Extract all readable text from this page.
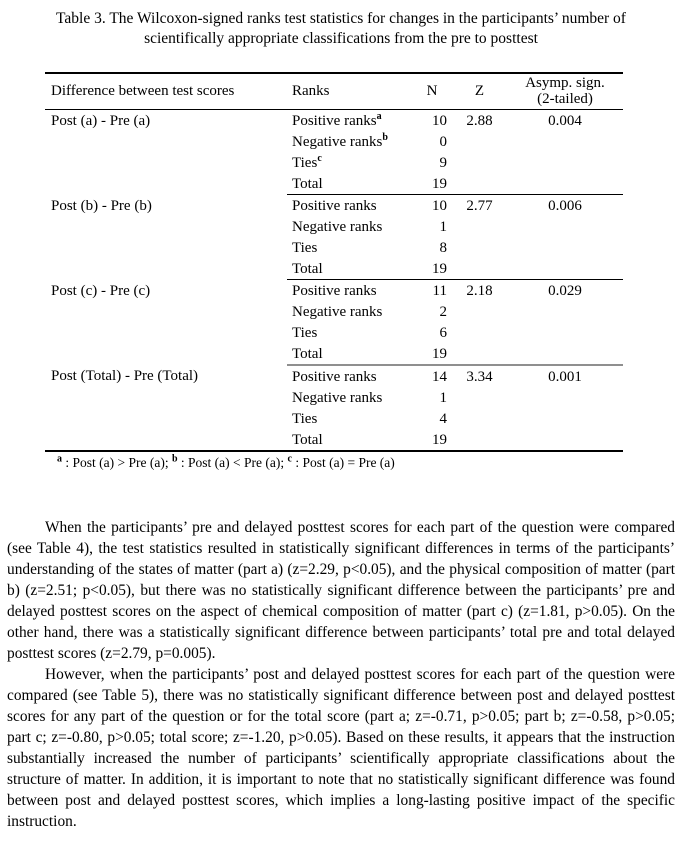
Table 3. The Wilcoxon-signed ranks test statistics for changes in the participants’ number of
scientifically appropriate classifications from the pre to posttest
Difference between test scores	Ranks	N	Z	Asymp. sign.
(2-tailed)

Post (a) - Pre (a)	Positive ranks$^a$	10	2.88	0.004
	Negative ranks$^b$	0		
	Ties$^c$	9		
	Total	19		
Post (b) - Pre (b)	Positive ranks	10	2.77	0.006
	Negative ranks	1		
	Ties	8		
	Total	19		
Post (c) - Pre (c)	Positive ranks	11	2.18	0.029
	Negative ranks	2		
	Ties	6		
	Total	19		
Post (Total) - Pre (Total)	Positive ranks	14	3.34	0.001
	Negative ranks	1		
	Ties	4		
	Total	19		
$^a$ : Post (a) > Pre (a); $^b$ : Post (a) < Pre (a); $^c$ : Post (a) = Pre (a)

When the participants’ pre and delayed posttest scores for each part of the question were compared (see Table 4), the test statistics resulted in statistically significant differences in terms of the participants’ understanding of the states of matter (part a) (z=2.29, p<0.05), and the physical composition of matter (part b) (z=2.51; p<0.05), but there was no statistically significant difference between the participants’ pre and delayed posttest scores on the aspect of chemical composition of matter (part c) (z=1.81, p>0.05). On the other hand, there was a statistically significant difference between participants’ total pre and total delayed posttest scores (z=2.79, p=0.005).

However, when the participants’ post and delayed posttest scores for each part of the question were compared (see Table 5), there was no statistically significant difference between post and delayed posttest scores for any part of the question or for the total score (part a; z=-0.71, p>0.05; part b; z=-0.58, p>0.05; part c; z=-0.80, p>0.05; total score; z=-1.20, p>0.05). Based on these results, it appears that the instruction substantially increased the number of participants’ scientifically appropriate classifications about the structure of matter. In addition, it is important to note that no statistically significant difference was found between post and delayed posttest scores, which implies a long-lasting positive impact of the specific instruction.
